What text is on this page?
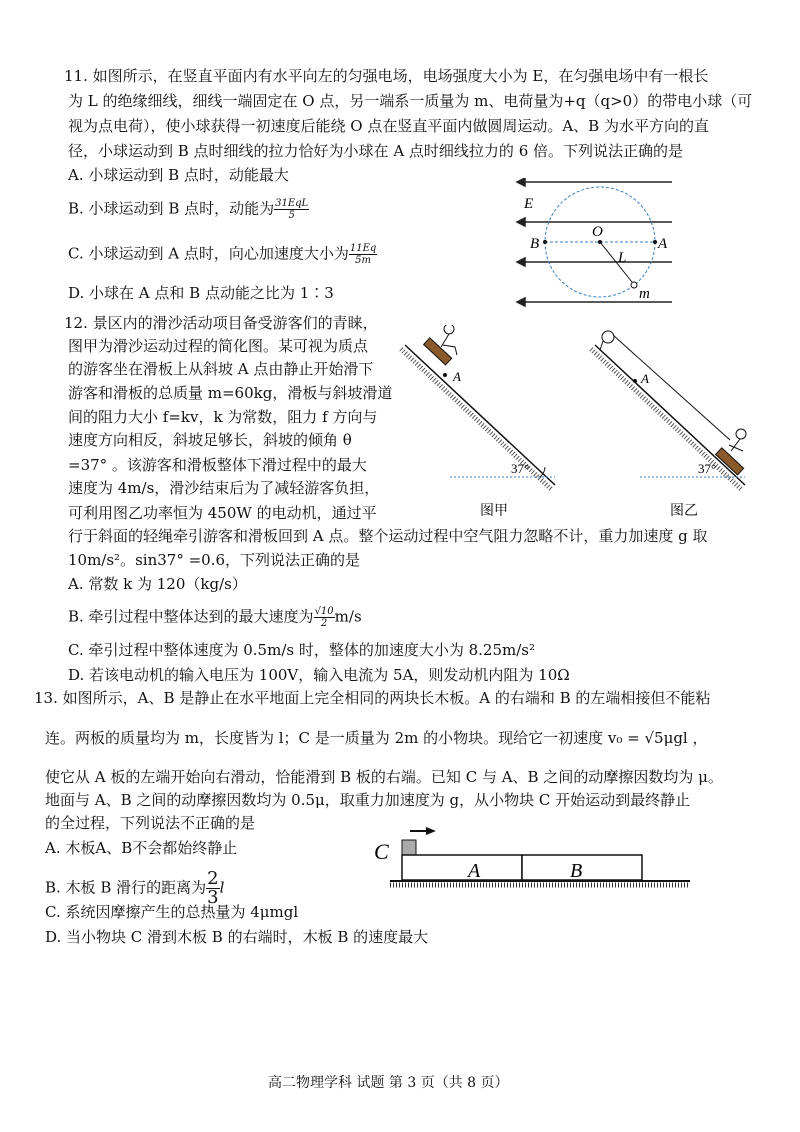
11. 如图所示，在竖直平面内有水平向左的匀强电场，电场强度大小为 E，在匀强电场中有一根长
为 L 的绝缘细线，细线一端固定在 O 点，另一端系一质量为 m、电荷量为+q（q>0）的带电小球（可
视为点电荷），使小球获得一初速度后能绕 O 点在竖直平面内做圆周运动。A、B 为水平方向的直
径，小球运动到 B 点时细线的拉力恰好为小球在 A 点时细线拉力的 6 倍。下列说法正确的是
A. 小球运动到 B 点时，动能最大
B. 小球运动到 B 点时，动能为 31EqL
5
C. 小球运动到 A 点时，向心加速度大小为 $\frac{11Eq}{5m}$
D. 小球在 A 点和 B 点动能之比为 1∶3
E
O
B	A
L
m
12. 景区内的滑沙活动项目备受游客们的青睐，
图甲为滑沙运动过程的简化图。某可视为质点
的游客坐在滑板上从斜坡 A 点由静止开始滑下
游客和滑板的总质量 m=60kg，滑板与斜坡滑道
间的阻力大小 f=kv，k 为常数，阻力 f 方向与
速度方向相反，斜坡足够长，斜坡的倾角 θ
=37° 。该游客和滑板整体下滑过程中的最大
速度为 4m/s，滑沙结束后为了减轻游客负担，
可利用图乙功率恒为 450W 的电动机，通过平
行于斜面的轻绳牵引游客和滑板回到 A 点。整个运动过程中空气阻力忽略不计，重力加速度 g 取
10m/s²。sin37° =0.6，下列说法正确的是
A. 常数 k 为 120（kg/s）
B. 牵引过程中整体达到的最大速度为 $\frac{√10}{2} m/s$
C. 牵引过程中整体速度为 0.5m/s 时，整体的加速度大小为 8.25m/s²
D. 若该电动机的输入电压为 100V，输入电流为 5A，则发动机内阻为 10Ω
A
37°
图甲
A
37°
图乙
13. 如图所示，A、B 是静止在水平地面上完全相同的两块长木板。A 的右端和 B 的左端相接但不能粘
连。两板的质量均为 m，长度皆为 l；C 是一质量为 2m 的小物块。现给它一初速度 v₀ = √5μgl ，
使它从 A 板的左端开始向右滑动，恰能滑到 B 板的右端。已知 C 与 A、B 之间的动摩擦因数均为 μ。
地面与 A、B 之间的动摩擦因数均为 0.5μ，取重力加速度为 g，从小物块 C 开始运动到最终静止
的全过程，下列说法不正确的是
A. 木板A、B不会都始终静止
B. 木板 B 滑行的距离为 $\frac{2}{3}$ l
C. 系统因摩擦产生的总热量为 4μmgl
D. 当小物块 C 滑到木板 B 的右端时，木板 B 的速度最大
C
A	B
高二物理学科 试题 第 3 页（共 8 页）
